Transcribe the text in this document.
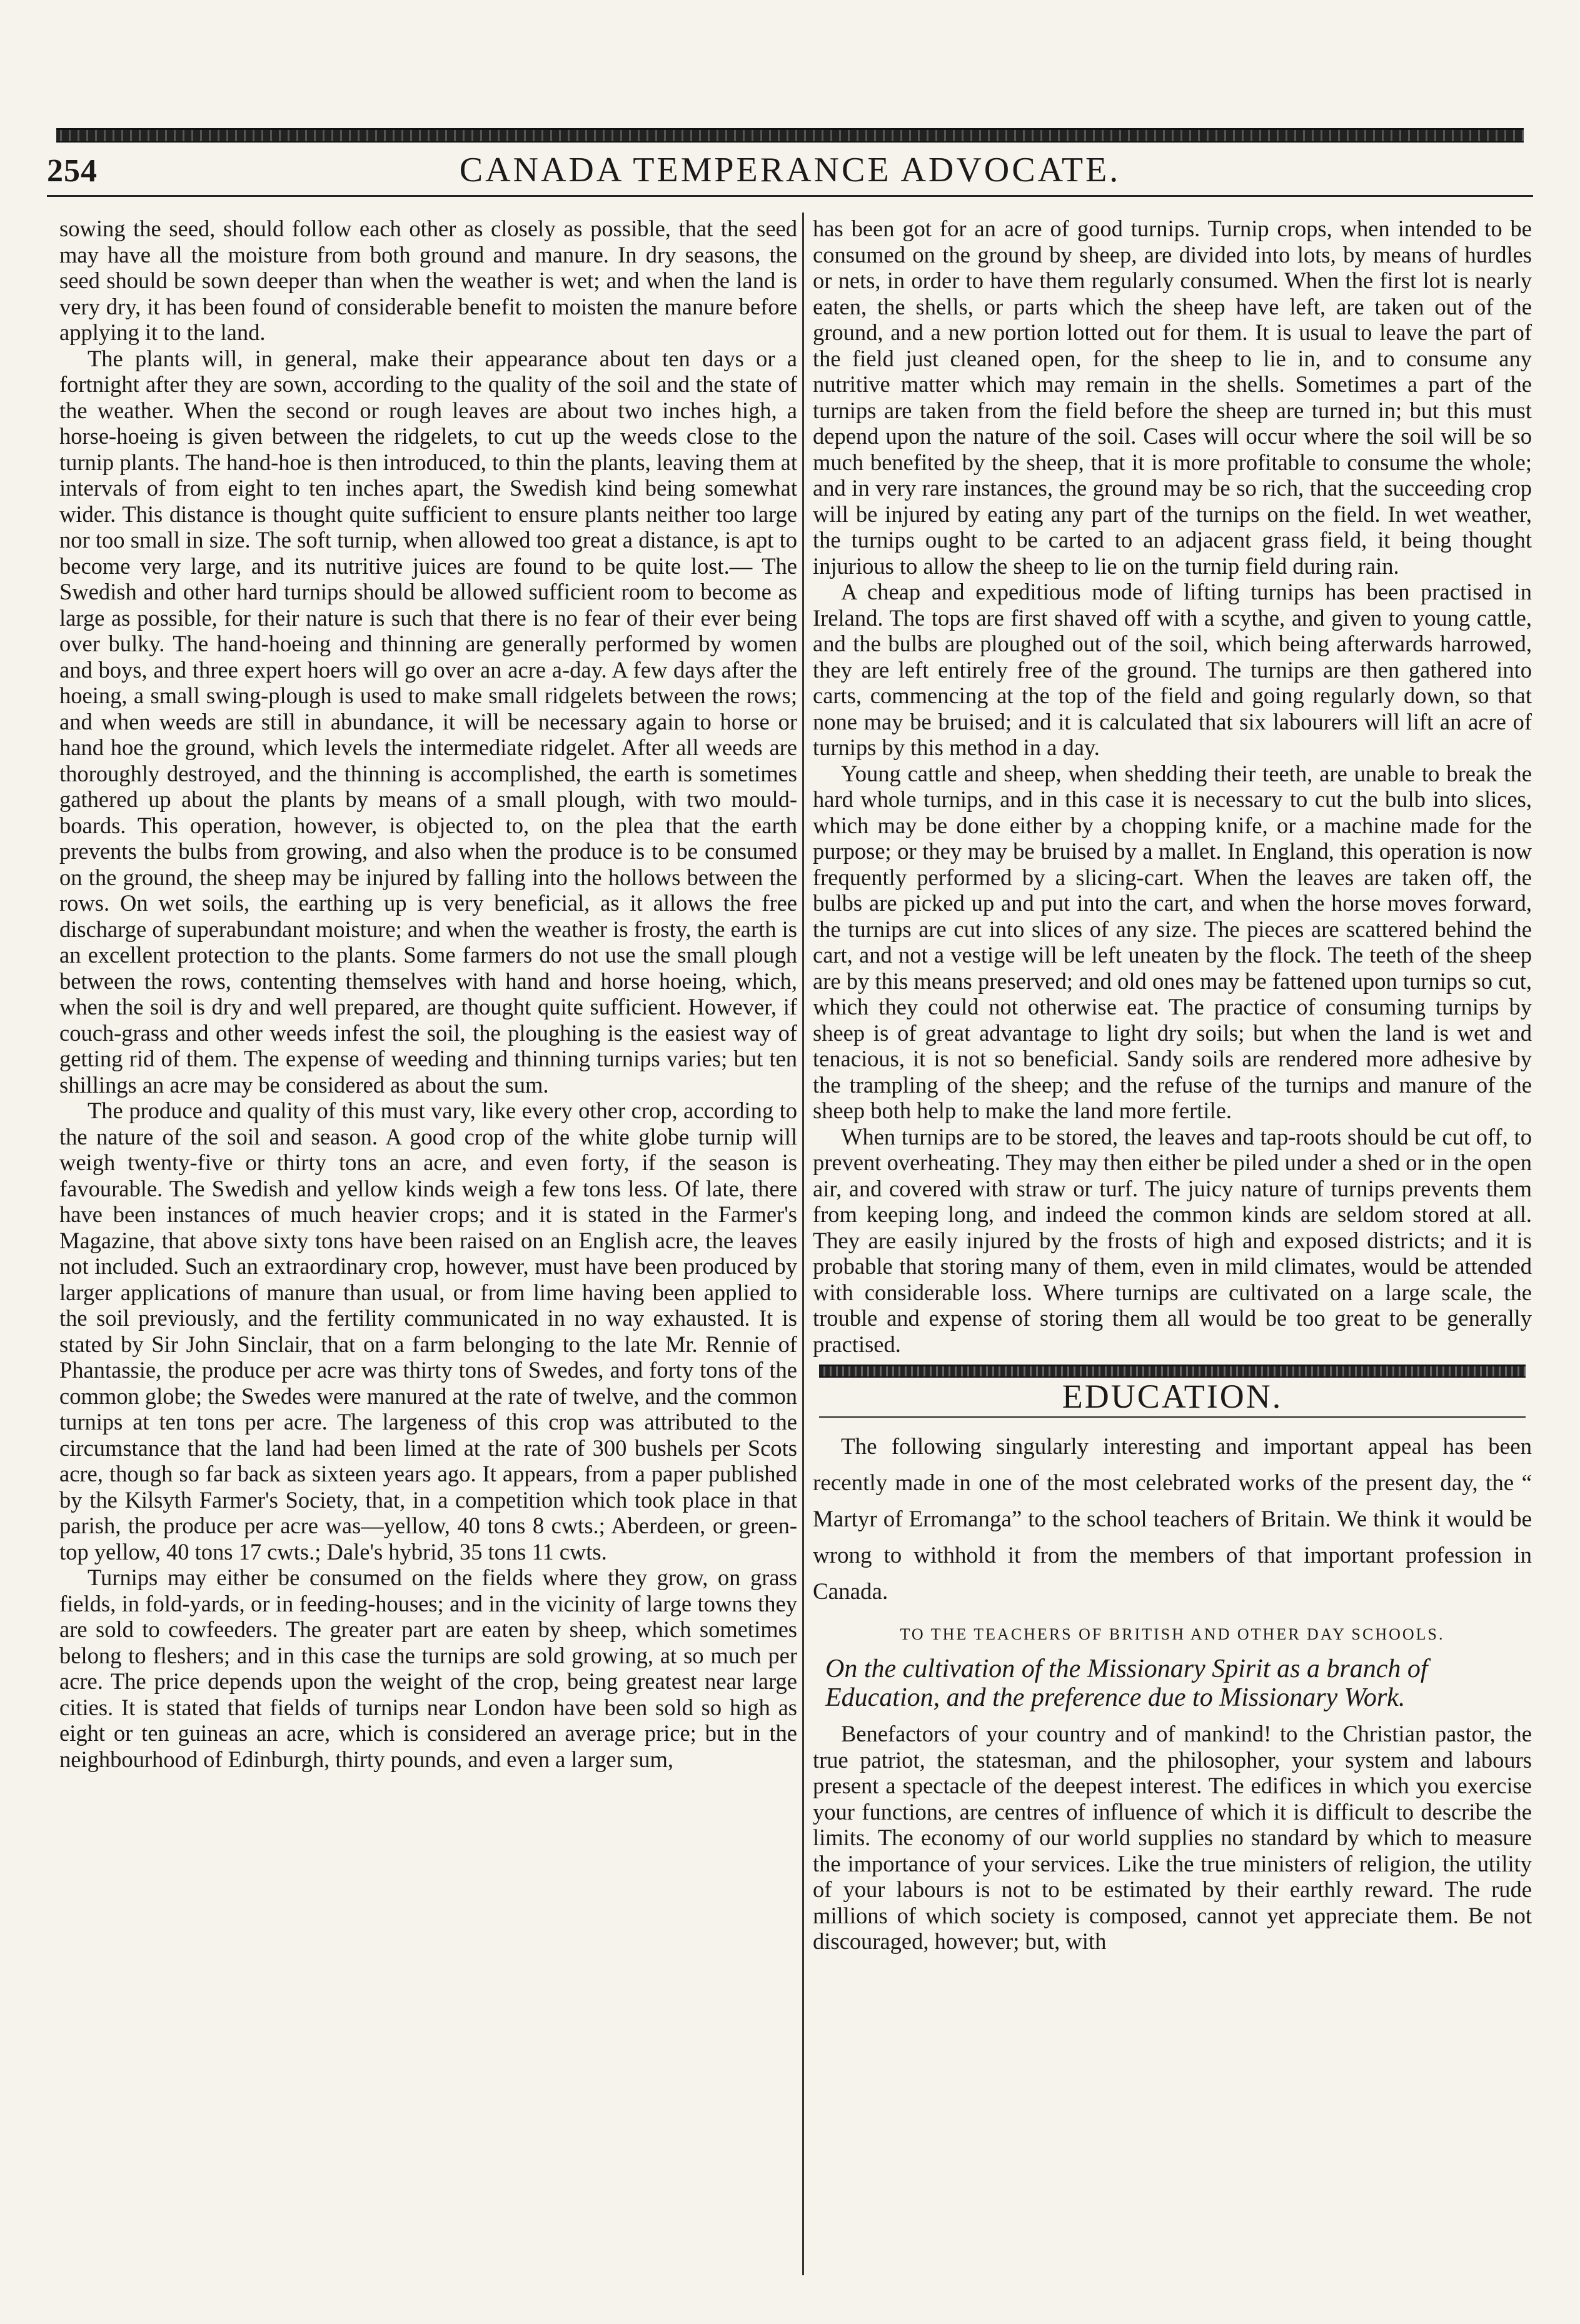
254	CANADA TEMPERANCE ADVOCATE.

sowing the seed, should follow each other as closely as possible, that the seed may have all the moisture from both ground and manure. In dry seasons, the seed should be sown deeper than when the weather is wet; and when the land is very dry, it has been found of considerable benefit to moisten the manure before applying it to the land.

The plants will, in general, make their appearance about ten days or a fortnight after they are sown, according to the quality of the soil and the state of the weather. When the second or rough leaves are about two inches high, a horse-hoeing is given between the ridgelets, to cut up the weeds close to the turnip plants. The hand-hoe is then introduced, to thin the plants, leaving them at intervals of from eight to ten inches apart, the Swedish kind being somewhat wider. This distance is thought quite sufficient to ensure plants neither too large nor too small in size. The soft turnip, when allowed too great a distance, is apt to become very large, and its nutritive juices are found to be quite lost.— The Swedish and other hard turnips should be allowed sufficient room to become as large as possible, for their nature is such that there is no fear of their ever being over bulky. The hand-hoeing and thinning are generally performed by women and boys, and three expert hoers will go over an acre a-day. A few days after the hoeing, a small swing-plough is used to make small ridgelets between the rows; and when weeds are still in abundance, it will be necessary again to horse or hand hoe the ground, which levels the intermediate ridgelet. After all weeds are thoroughly destroyed, and the thinning is accomplished, the earth is sometimes gathered up about the plants by means of a small plough, with two mould-boards. This operation, however, is objected to, on the plea that the earth prevents the bulbs from growing, and also when the produce is to be consumed on the ground, the sheep may be injured by falling into the hollows between the rows. On wet soils, the earthing up is very beneficial, as it allows the free discharge of superabundant moisture; and when the weather is frosty, the earth is an excellent protection to the plants. Some farmers do not use the small plough between the rows, contenting themselves with hand and horse hoeing, which, when the soil is dry and well prepared, are thought quite sufficient. However, if couch-grass and other weeds infest the soil, the ploughing is the easiest way of getting rid of them. The expense of weeding and thinning turnips varies; but ten shillings an acre may be considered as about the sum.

The produce and quality of this must vary, like every other crop, according to the nature of the soil and season. A good crop of the white globe turnip will weigh twenty-five or thirty tons an acre, and even forty, if the season is favourable. The Swedish and yellow kinds weigh a few tons less. Of late, there have been instances of much heavier crops; and it is stated in the Farmer's Magazine, that above sixty tons have been raised on an English acre, the leaves not included. Such an extraordinary crop, however, must have been produced by larger applications of manure than usual, or from lime having been applied to the soil previously, and the fertility communicated in no way exhausted. It is stated by Sir John Sinclair, that on a farm belonging to the late Mr. Rennie of Phantassie, the produce per acre was thirty tons of Swedes, and forty tons of the common globe; the Swedes were manured at the rate of twelve, and the common turnips at ten tons per acre. The largeness of this crop was attributed to the circumstance that the land had been limed at the rate of 300 bushels per Scots acre, though so far back as sixteen years ago. It appears, from a paper published by the Kilsyth Farmer's Society, that, in a competition which took place in that parish, the produce per acre was—yellow, 40 tons 8 cwts.; Aberdeen, or green-top yellow, 40 tons 17 cwts.; Dale's hybrid, 35 tons 11 cwts.

Turnips may either be consumed on the fields where they grow, on grass fields, in fold-yards, or in feeding-houses; and in the vicinity of large towns they are sold to cowfeeders. The greater part are eaten by sheep, which sometimes belong to fleshers; and in this case the turnips are sold growing, at so much per acre. The price depends upon the weight of the crop, being greatest near large cities. It is stated that fields of turnips near London have been sold so high as eight or ten guineas an acre, which is considered an average price; but in the neighbourhood of Edinburgh, thirty pounds, and even a larger sum,

has been got for an acre of good turnips. Turnip crops, when intended to be consumed on the ground by sheep, are divided into lots, by means of hurdles or nets, in order to have them regularly consumed. When the first lot is nearly eaten, the shells, or parts which the sheep have left, are taken out of the ground, and a new portion lotted out for them. It is usual to leave the part of the field just cleaned open, for the sheep to lie in, and to consume any nutritive matter which may remain in the shells. Sometimes a part of the turnips are taken from the field before the sheep are turned in; but this must depend upon the nature of the soil. Cases will occur where the soil will be so much benefited by the sheep, that it is more profitable to consume the whole; and in very rare instances, the ground may be so rich, that the succeeding crop will be injured by eating any part of the turnips on the field. In wet weather, the turnips ought to be carted to an adjacent grass field, it being thought injurious to allow the sheep to lie on the turnip field during rain.

A cheap and expeditious mode of lifting turnips has been practised in Ireland. The tops are first shaved off with a scythe, and given to young cattle, and the bulbs are ploughed out of the soil, which being afterwards harrowed, they are left entirely free of the ground. The turnips are then gathered into carts, commencing at the top of the field and going regularly down, so that none may be bruised; and it is calculated that six labourers will lift an acre of turnips by this method in a day.

Young cattle and sheep, when shedding their teeth, are unable to break the hard whole turnips, and in this case it is necessary to cut the bulb into slices, which may be done either by a chopping knife, or a machine made for the purpose; or they may be bruised by a mallet. In England, this operation is now frequently performed by a slicing-cart. When the leaves are taken off, the bulbs are picked up and put into the cart, and when the horse moves forward, the turnips are cut into slices of any size. The pieces are scattered behind the cart, and not a vestige will be left uneaten by the flock. The teeth of the sheep are by this means preserved; and old ones may be fattened upon turnips so cut, which they could not otherwise eat. The practice of consuming turnips by sheep is of great advantage to light dry soils; but when the land is wet and tenacious, it is not so beneficial. Sandy soils are rendered more adhesive by the trampling of the sheep; and the refuse of the turnips and manure of the sheep both help to make the land more fertile.

When turnips are to be stored, the leaves and tap-roots should be cut off, to prevent overheating. They may then either be piled under a shed or in the open air, and covered with straw or turf. The juicy nature of turnips prevents them from keeping long, and indeed the common kinds are seldom stored at all. They are easily injured by the frosts of high and exposed districts; and it is probable that storing many of them, even in mild climates, would be attended with considerable loss. Where turnips are cultivated on a large scale, the trouble and expense of storing them all would be too great to be generally practised.

EDUCATION.

The following singularly interesting and important appeal has been recently made in one of the most celebrated works of the present day, the “ Martyr of Erromanga” to the school teachers of Britain. We think it would be wrong to withhold it from the members of that important profession in Canada.

TO THE TEACHERS OF BRITISH AND OTHER DAY SCHOOLS.

On the cultivation of the Missionary Spirit as a branch of Education, and the preference due to Missionary Work.

Benefactors of your country and of mankind! to the Christian pastor, the true patriot, the statesman, and the philosopher, your system and labours present a spectacle of the deepest interest. The edifices in which you exercise your functions, are centres of influence of which it is difficult to describe the limits. The economy of our world supplies no standard by which to measure the importance of your services. Like the true ministers of religion, the utility of your labours is not to be estimated by their earthly reward. The rude millions of which society is composed, cannot yet appreciate them. Be not discouraged, however; but, with
